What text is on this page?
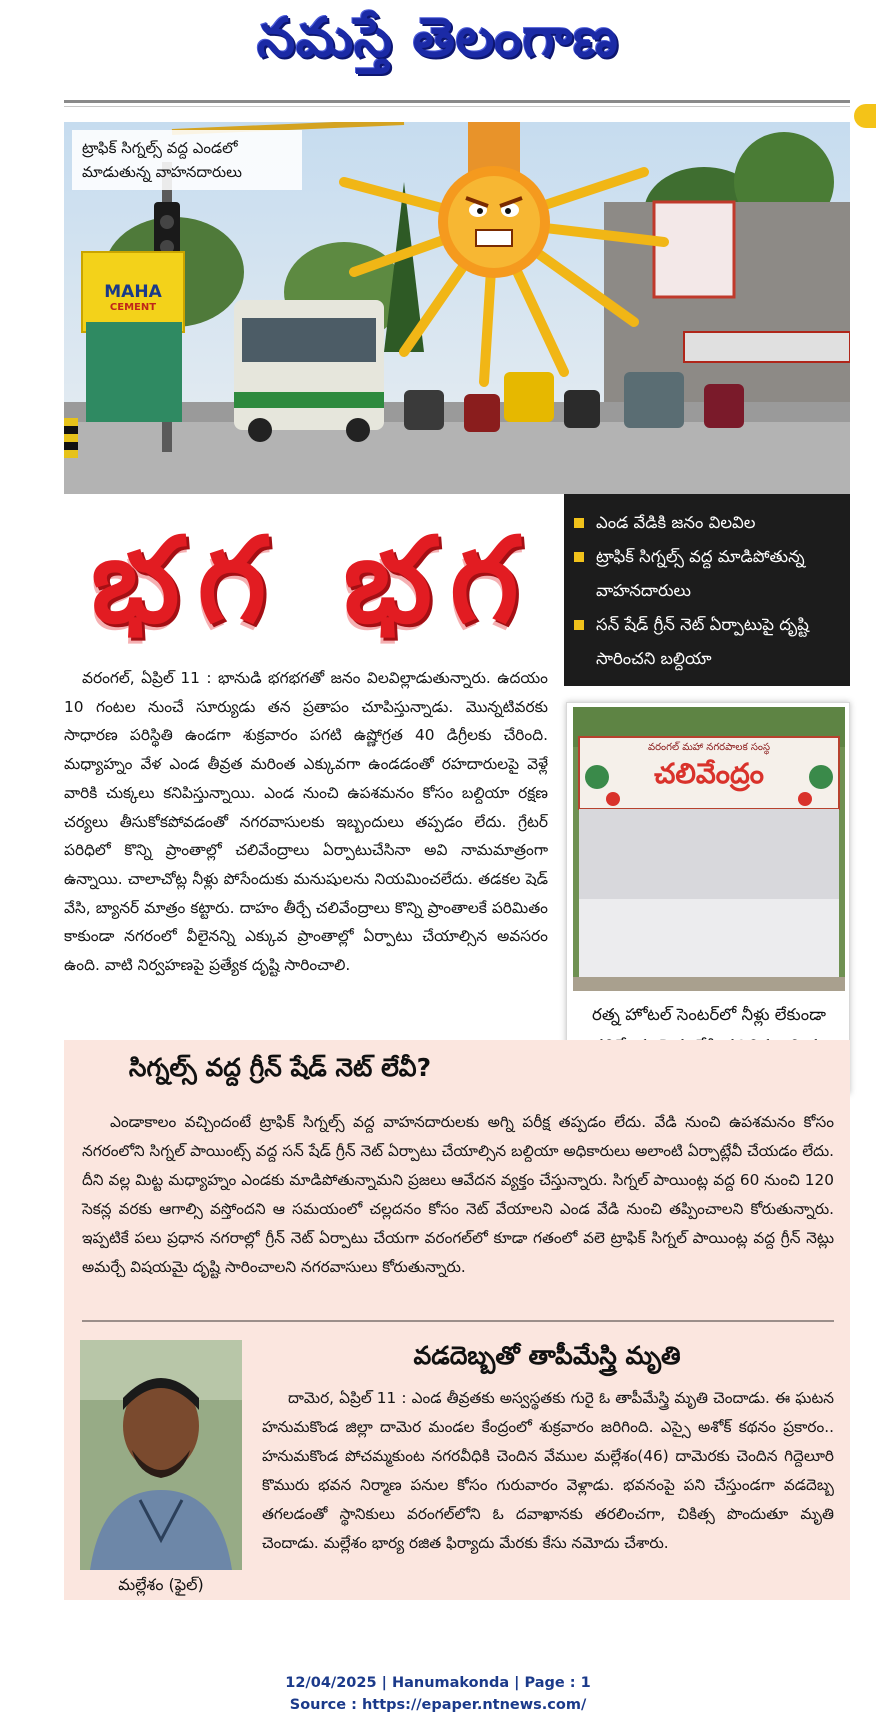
నమస్తే తెలంగాణ
ట్రాఫిక్ సిగ్నల్స్ వద్ద ఎండలో మాడుతున్న వాహనదారులు
MAHA
CEMENT
భగ భగ	ఎండ వేడికి జనం విలవిల
ట్రాఫిక్ సిగ్నల్స్ వద్ద మాడిపోతున్న వాహనదారులు
సన్ షేడ్ గ్రీన్ నెట్ ఏర్పాటుపై దృష్టి సారించని బల్దియా

వరంగల్, ఏప్రిల్ 11 : భానుడి భగభగతో జనం విలవిల్లాడుతున్నారు. ఉదయం 10 గంటల నుంచే సూర్యుడు తన ప్రతాపం చూపిస్తున్నాడు. మొన్నటివరకు సాధారణ పరిస్థితి ఉండగా శుక్రవారం పగటి ఉష్ణోగ్రత 40 డిగ్రీలకు చేరింది. మధ్యాహ్నం వేళ ఎండ తీవ్రత మరింత ఎక్కువగా ఉండడంతో రహదారులపై వెళ్లే వారికి చుక్కలు కనిపిస్తున్నాయి. ఎండ నుంచి ఉపశమనం కోసం బల్దియా రక్షణ చర్యలు తీసుకోకపోవడంతో నగరవాసులకు ఇబ్బందులు తప్పడం లేదు. గ్రేటర్ పరిధిలో కొన్ని ప్రాంతాల్లో చలివేంద్రాలు ఏర్పాటుచేసినా అవి నామమాత్రంగా ఉన్నాయి. చాలాచోట్ల నీళ్లు పోసేందుకు మనుషులను నియమించలేదు. తడకల షెడ్ వేసి, బ్యానర్ మాత్రం కట్టారు. దాహం తీర్చే చలివేంద్రాలు కొన్ని ప్రాంతాలకే పరిమితం కాకుండా నగరంలో వీలైనన్ని ఎక్కువ ప్రాంతాల్లో ఏర్పాటు చేయాల్సిన అవసరం ఉంది. వాటి నిర్వహణపై ప్రత్యేక దృష్టి సారించాలి.

వరంగల్ మహా నగరపాలక సంస్థ
చలివేంద్రం
రత్న హోటల్ సెంటర్‌లో నీళ్లు లేకుండా
సిగ్నల్స్ వద్ద గ్రీన్ షేడ్ నెట్ లేవీ?

ఎండాకాలం వచ్చిందంటే ట్రాఫిక్ సిగ్నల్స్ వద్ద వాహనదారులకు అగ్ని పరీక్ష తప్పడం లేదు. వేడి నుంచి ఉపశమనం కోసం నగరంలోని సిగ్నల్ పాయింట్స్ వద్ద సన్ షేడ్ గ్రీన్ నెట్ ఏర్పాటు చేయాల్సిన బల్దియా అధికారులు అలాంటి ఏర్పాట్లేవీ చేయడం లేదు. దీని వల్ల మిట్ట మధ్యాహ్నం ఎండకు మాడిపోతున్నామని ప్రజలు ఆవేదన వ్యక్తం చేస్తున్నారు. సిగ్నల్ పాయింట్ల వద్ద 60 నుంచి 120 సెకన్ల వరకు ఆగాల్సి వస్తోందని ఆ సమయంలో చల్లదనం కోసం నెట్ వేయాలని ఎండ వేడి నుంచి తప్పించాలని కోరుతున్నారు. ఇప్పటికే పలు ప్రధాన నగరాల్లో గ్రీన్ నెట్ ఏర్పాటు చేయగా వరంగల్‌లో కూడా గతంలో వలె ట్రాఫిక్ సిగ్నల్ పాయింట్ల వద్ద గ్రీన్ నెట్లు అమర్చే విషయమై దృష్టి సారించాలని నగరవాసులు కోరుతున్నారు.

మల్లేశం (ఫైల్)
వడదెబ్బతో తాపీమేస్త్రి మృతి

దామెర, ఏప్రిల్ 11 : ఎండ తీవ్రతకు అస్వస్థతకు గురై ఓ తాపీమేస్త్రి మృతి చెందాడు. ఈ ఘటన హనుమకొండ జిల్లా దామెర మండల కేంద్రంలో శుక్రవారం జరిగింది. ఎస్సై అశోక్ కథనం ప్రకారం.. హనుమకొండ పోచమ్మకుంట నగరవీధికి చెందిన వేముల మల్లేశం(46) దామెరకు చెందిన గిద్దెలూరి కొమురు భవన నిర్మాణ పనుల కోసం గురువారం వెళ్లాడు. భవనంపై పని చేస్తుండగా వడదెబ్బ తగలడంతో స్థానికులు వరంగల్‌లోని ఓ దవాఖానకు తరలించగా, చికిత్స పొందుతూ మృతి చెందాడు. మల్లేశం భార్య రజిత ఫిర్యాదు మేరకు కేసు నమోదు చేశారు.

12/04/2025 | Hanumakonda | Page : 1
Source : https://epaper.ntnews.com/
